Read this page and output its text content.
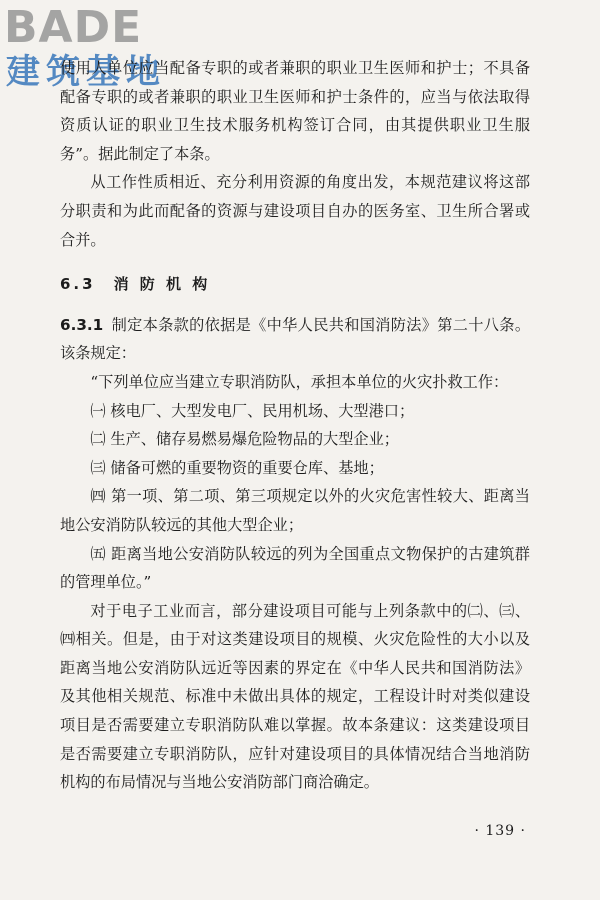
BADE
建筑基地

使用人单位应当配备专职的或者兼职的职业卫生医师和护士；不具备配备专职的或者兼职的职业卫生医师和护士条件的，应当与依法取得资质认证的职业卫生技术服务机构签订合同，由其提供职业卫生服务”。据此制定了本条。

从工作性质相近、充分利用资源的角度出发，本规范建议将这部分职责和为此而配备的资源与建设项目自办的医务室、卫生所合署或合并。

6.3　消 防 机 构

6.3.1 制定本条款的依据是《中华人民共和国消防法》第二十八条。该条规定：

“下列单位应当建立专职消防队，承担本单位的火灾扑救工作：

㈠ 核电厂、大型发电厂、民用机场、大型港口；

㈡ 生产、储存易燃易爆危险物品的大型企业；

㈢ 储备可燃的重要物资的重要仓库、基地；

㈣ 第一项、第二项、第三项规定以外的火灾危害性较大、距离当地公安消防队较远的其他大型企业；

㈤ 距离当地公安消防队较远的列为全国重点文物保护的古建筑群的管理单位。”

对于电子工业而言，部分建设项目可能与上列条款中的㈡、㈢、㈣相关。但是，由于对这类建设项目的规模、火灾危险性的大小以及距离当地公安消防队远近等因素的界定在《中华人民共和国消防法》及其他相关规范、标准中未做出具体的规定，工程设计时对类似建设项目是否需要建立专职消防队难以掌握。故本条建议：这类建设项目是否需要建立专职消防队，应针对建设项目的具体情况结合当地消防机构的布局情况与当地公安消防部门商洽确定。

· 139 ·
